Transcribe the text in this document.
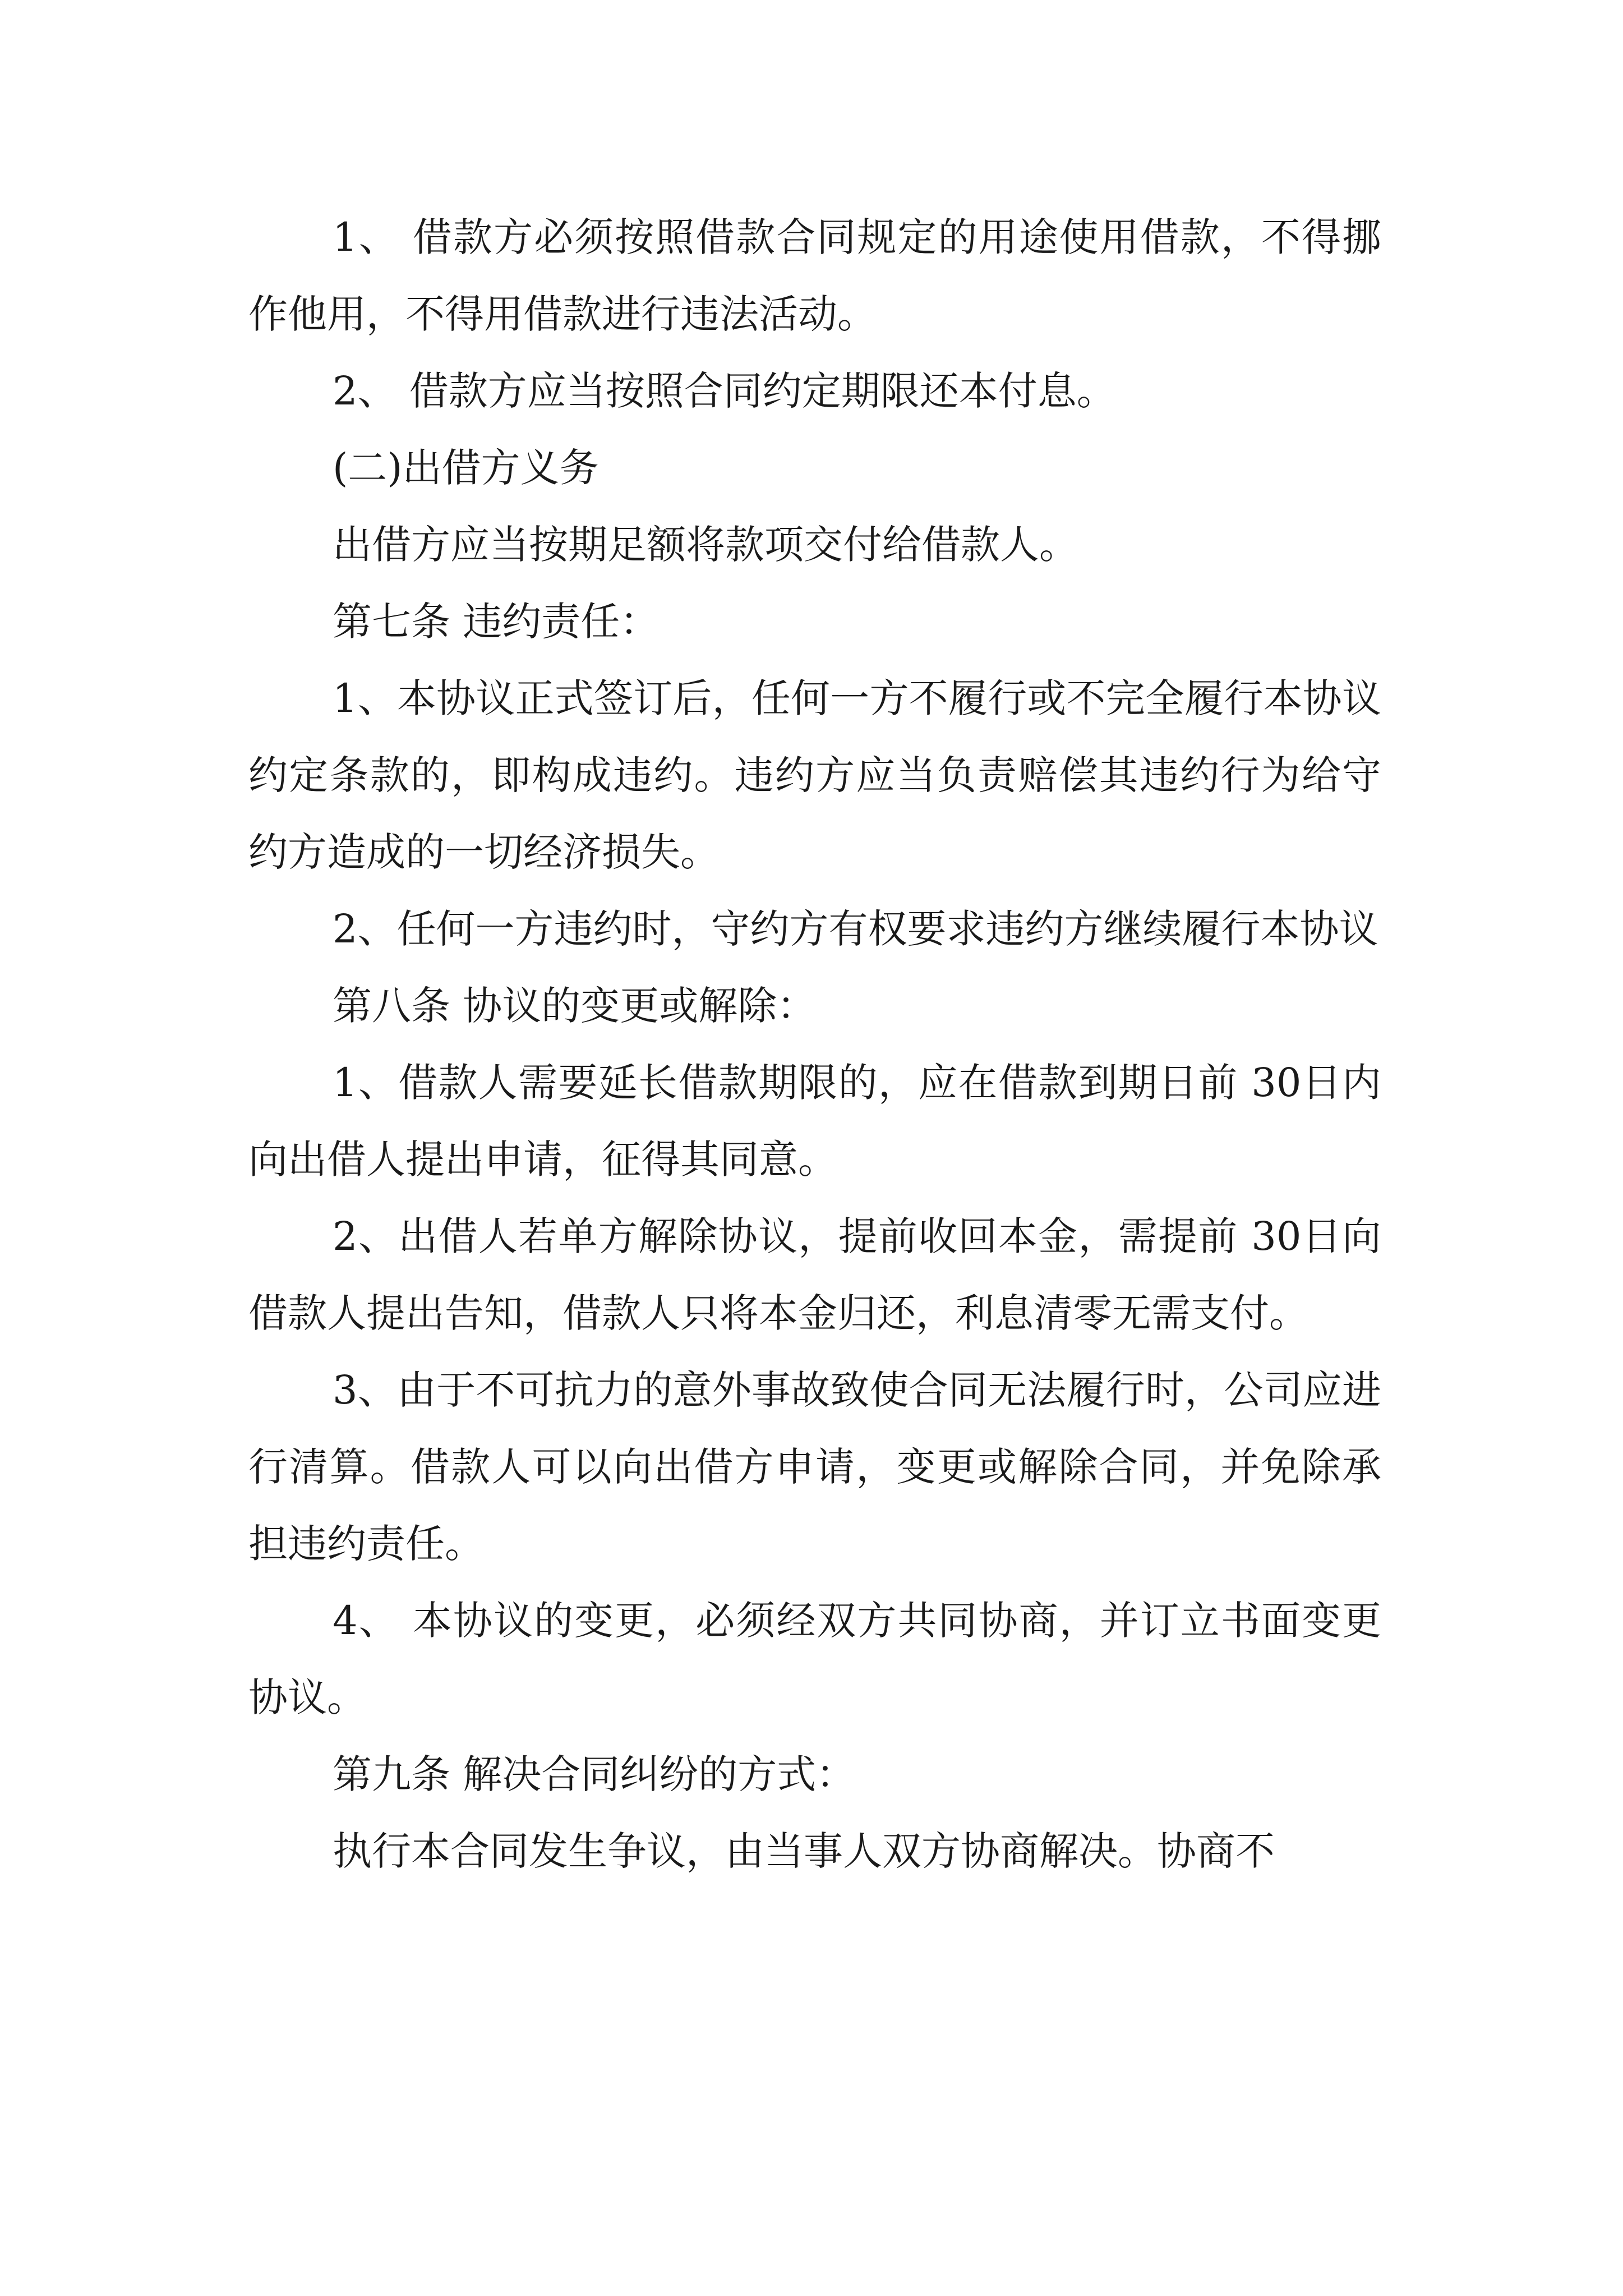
1、 借款方必须按照借款合同规定的用途使用借款，不得挪作他用，不得用借款进行违法活动。

2、 借款方应当按照合同约定期限还本付息。

(二)出借方义务

出借方应当按期足额将款项交付给借款人。

第七条 违约责任：

1、本协议正式签订后，任何一方不履行或不完全履行本协议约定条款的，即构成违约。违约方应当负责赔偿其违约行为给守约方造成的一切经济损失。

2、任何一方违约时，守约方有权要求违约方继续履行本协议

第八条 协议的变更或解除：

1、借款人需要延长借款期限的，应在借款到期日前 30日内向出借人提出申请，征得其同意。

2、出借人若单方解除协议，提前收回本金，需提前 30日向借款人提出告知，借款人只将本金归还，利息清零无需支付。

3、由于不可抗力的意外事故致使合同无法履行时，公司应进行清算。借款人可以向出借方申请，变更或解除合同，并免除承担违约责任。

4、 本协议的变更，必须经双方共同协商，并订立书面变更协议。

第九条 解决合同纠纷的方式：

执行本合同发生争议，由当事人双方协商解决。协商不
